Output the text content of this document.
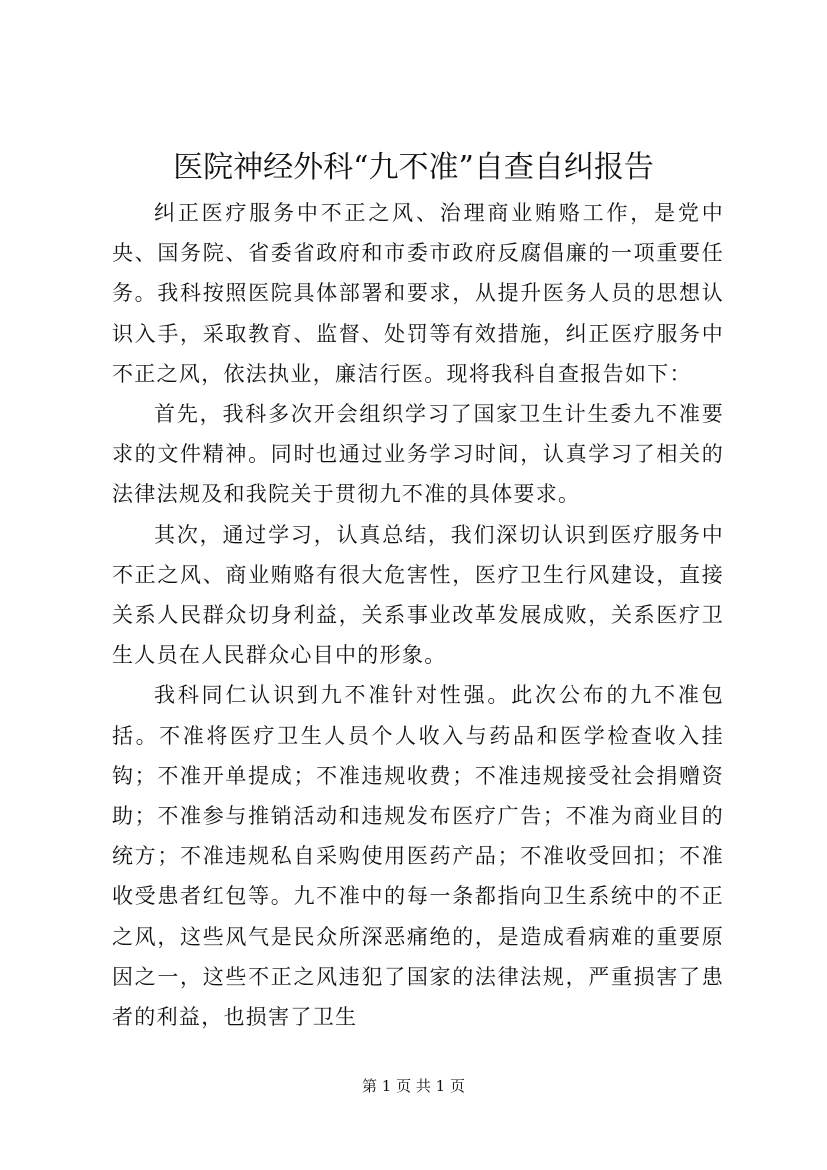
医院神经外科“九不准”自查自纠报告

纠正医疗服务中不正之风、治理商业贿赂工作，是党中央、国务院、省委省政府和市委市政府反腐倡廉的一项重要任务。我科按照医院具体部署和要求，从提升医务人员的思想认识入手，采取教育、监督、处罚等有效措施，纠正医疗服务中不正之风，依法执业，廉洁行医。现将我科自查报告如下：

首先，我科多次开会组织学习了国家卫生计生委九不准要求的文件精神。同时也通过业务学习时间，认真学习了相关的法律法规及和我院关于贯彻九不准的具体要求。

其次，通过学习，认真总结，我们深切认识到医疗服务中不正之风、商业贿赂有很大危害性，医疗卫生行风建设，直接关系人民群众切身利益，关系事业改革发展成败，关系医疗卫生人员在人民群众心目中的形象。

我科同仁认识到九不准针对性强。此次公布的九不准包括。不准将医疗卫生人员个人收入与药品和医学检查收入挂钩；不准开单提成；不准违规收费；不准违规接受社会捐赠资助；不准参与推销活动和违规发布医疗广告；不准为商业目的统方；不准违规私自采购使用医药产品；不准收受回扣；不准收受患者红包等。九不准中的每一条都指向卫生系统中的不正之风，这些风气是民众所深恶痛绝的，是造成看病难的重要原因之一，这些不正之风违犯了国家的法律法规，严重损害了患者的利益，也损害了卫生

第 1 页 共 1 页
